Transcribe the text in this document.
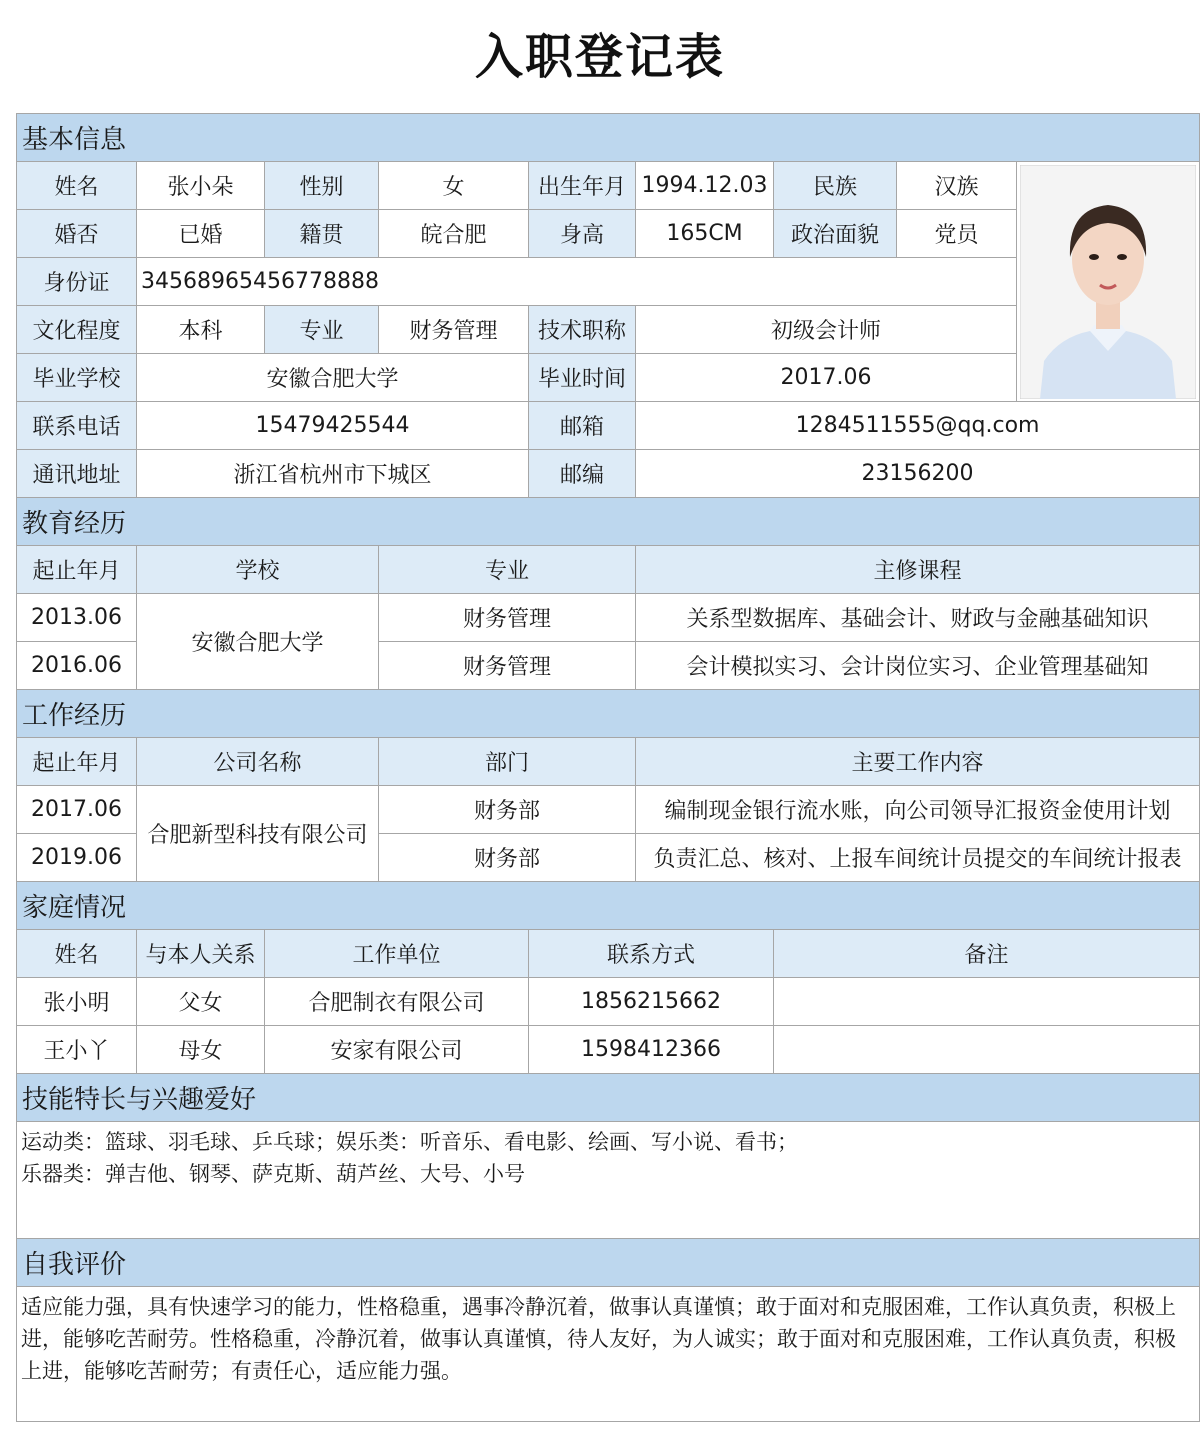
入职登记表
基本信息								
姓名	张小朵	性别	女	出生年月	1994.12.03	民族	汉族	

婚否	已婚	籍贯	皖合肥	身高	165CM	政治面貌	党员	
身份证	34568965456778888							
文化程度	本科	专业	财务管理	技术职称	初级会计师			
毕业学校	安徽合肥大学			毕业时间	2017.06			
联系电话	15479425544			邮箱	1284511555@qq.com			
通讯地址	浙江省杭州市下城区			邮编	23156200			
教育经历								
起止年月	学校		专业		主修课程			
2013.06	安徽合肥大学		财务管理		关系型数据库、基础会计、财政与金融基础知识			
2016.06			财务管理		会计模拟实习、会计岗位实习、企业管理基础知			
工作经历								
起止年月	公司名称		部门		主要工作内容			
2017.06	合肥新型科技有限公司		财务部		编制现金银行流水账，向公司领导汇报资金使用计划			
2019.06			财务部		负责汇总、核对、上报车间统计员提交的车间统计报表			
家庭情况								
姓名	与本人关系	工作单位		联系方式		备注		
张小明	父女	合肥制衣有限公司		1856215662				
王小丫	母女	安家有限公司		1598412366				
技能特长与兴趣爱好								

运动类：篮球、羽毛球、乒乓球；娱乐类：听音乐、看电影、绘画、写小说、看书；
乐器类：弹吉他、钢琴、萨克斯、葫芦丝、大号、小号								

自我评价								
适应能力强，具有快速学习的能力，性格稳重，遇事冷静沉着，做事认真谨慎；敢于面对和克服困难，工作认真负责，积极上进，能够吃苦耐劳。性格稳重，冷静沉着，做事认真谨慎，待人友好，为人诚实；敢于面对和克服困难，工作认真负责，积极上进，能够吃苦耐劳；有责任心，适应能力强。								
